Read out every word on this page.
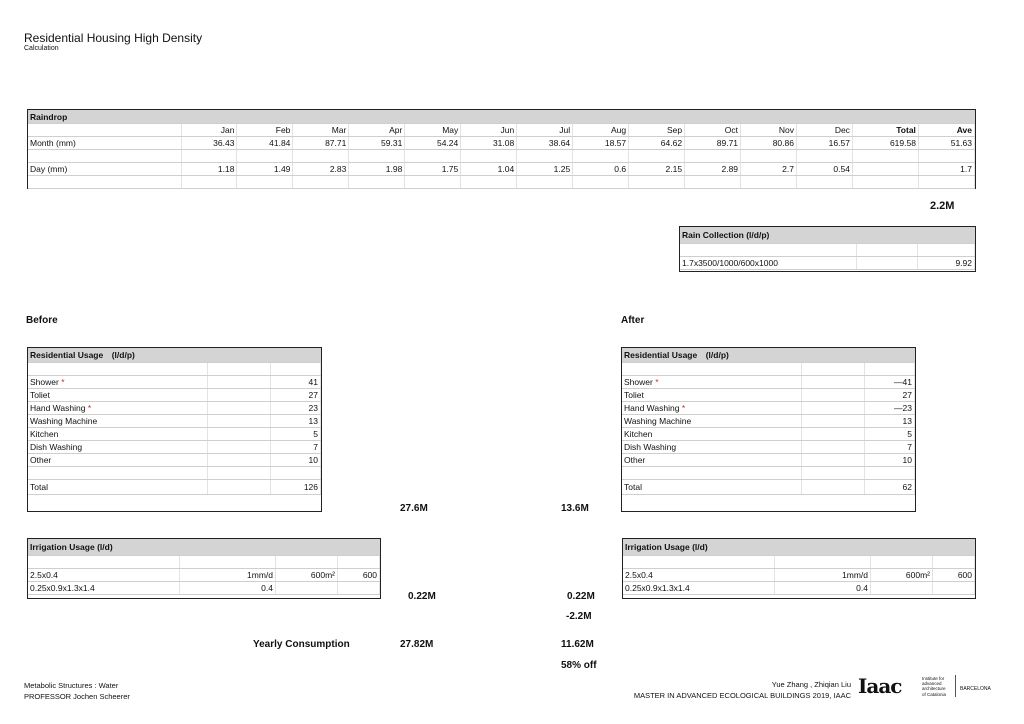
Residential Housing High Density
Calculation
Raindrop														
	Jan	Feb	Mar	Apr	May	Jun	Jul	Aug	Sep	Oct	Nov	Dec	Total	Ave
Month (mm)	36.43	41.84	87.71	59.31	54.24	31.08	38.64	18.57	64.62	89.71	80.86	16.57	619.58	51.63

Day (mm)	1.18	1.49	2.83	1.98	1.75	1.04	1.25	0.6	2.15	2.89	2.7	0.54		1.7

2.2M
Rain Collection (l/d/p)		

1.7x3500/1000/600x1000		9.92
Before	After
Residential Usage　(l/d/p)		

Shower *		41
Toliet		27
Hand Washing *		23
Washing Machine		13
Kitchen		5
Dish Washing		7
Other		10

Total		126
Residential Usage　(l/d/p)		

Shower *		—41
Toliet		27
Hand Washing *		—23
Washing Machine		13
Kitchen		5
Dish Washing		7
Other		10

Total		62
Irrigation Usage (l/d)			

2.5x0.4	1mm/d	600m²	600
0.25x0.9x1.3x1.4	0.4		
Irrigation Usage (l/d)			

2.5x0.4	1mm/d	600m²	600
0.25x0.9x1.3x1.4	0.4		
27.6M	13.6M
0.22M	0.22M
-2.2M
Yearly Consumption	27.82M	11.62M
58% off
Metabolic Structures : Water
PROFESSOR Jochen Scheerer
Yue Zhang , Zhiqian Liu
MASTER IN ADVANCED ECOLOGICAL BUILDINGS 2019, IAAC Iaac	Institute for
advanced
architecture
of Catalonia
BARCELONA
